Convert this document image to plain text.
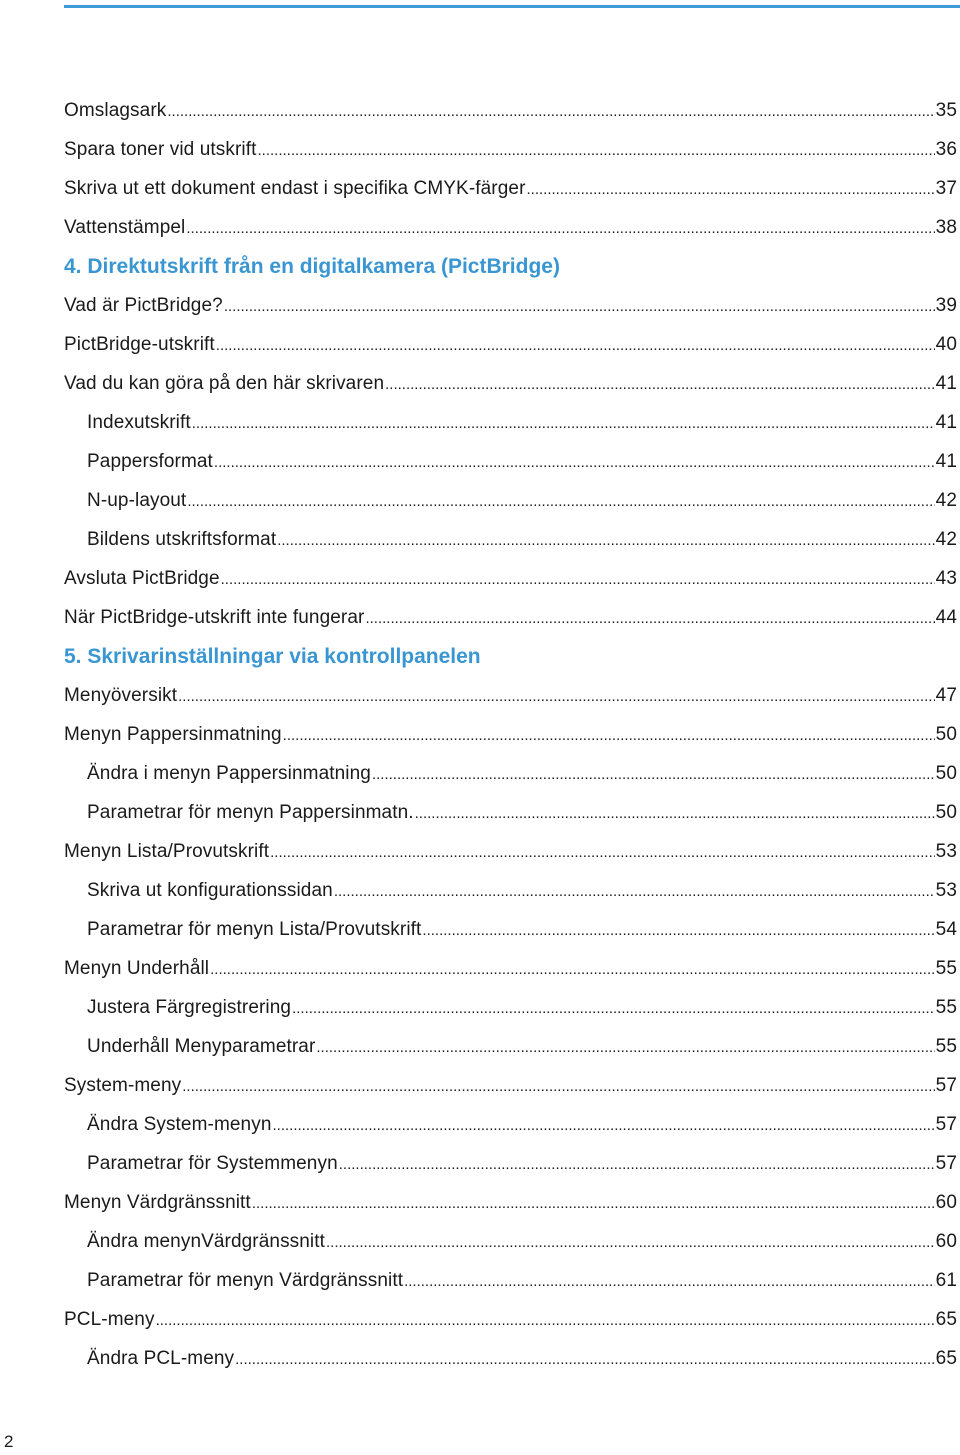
Omslagsark .....	35
Spara toner vid utskrift .....	36
Skriva ut ett dokument endast i specifika CMYK-färger .....	37
Vattenstämpel .....	38
4. Direktutskrift från en digitalkamera (PictBridge)
Vad är PictBridge? .....	39
PictBridge-utskrift .....	40
Vad du kan göra på den här skrivaren .....	41
Indexutskrift .....	41
Pappersformat .....	41
N-up-layout .....	42
Bildens utskriftsformat .....	42
Avsluta PictBridge .....	43
När PictBridge-utskrift inte fungerar .....	44
5. Skrivarinställningar via kontrollpanelen
Menyöversikt .....	47
Menyn Pappersinmatning .....	50
Ändra i menyn Pappersinmatning .....	50
Parametrar för menyn Pappersinmatn. .....	50
Menyn Lista/Provutskrift .....	53
Skriva ut konfigurationssidan .....	53
Parametrar för menyn Lista/Provutskrift .....	54
Menyn Underhåll .....	55
Justera Färgregistrering .....	55
Underhåll Menyparametrar .....	55
System-meny .....	57
Ändra System-menyn .....	57
Parametrar för Systemmenyn .....	57
Menyn Värdgränssnitt .....	60
Ändra menynVärdgränssnitt .....	60
Parametrar för menyn Värdgränssnitt .....	61
PCL-meny .....	65
Ändra PCL-meny .....	65
2
